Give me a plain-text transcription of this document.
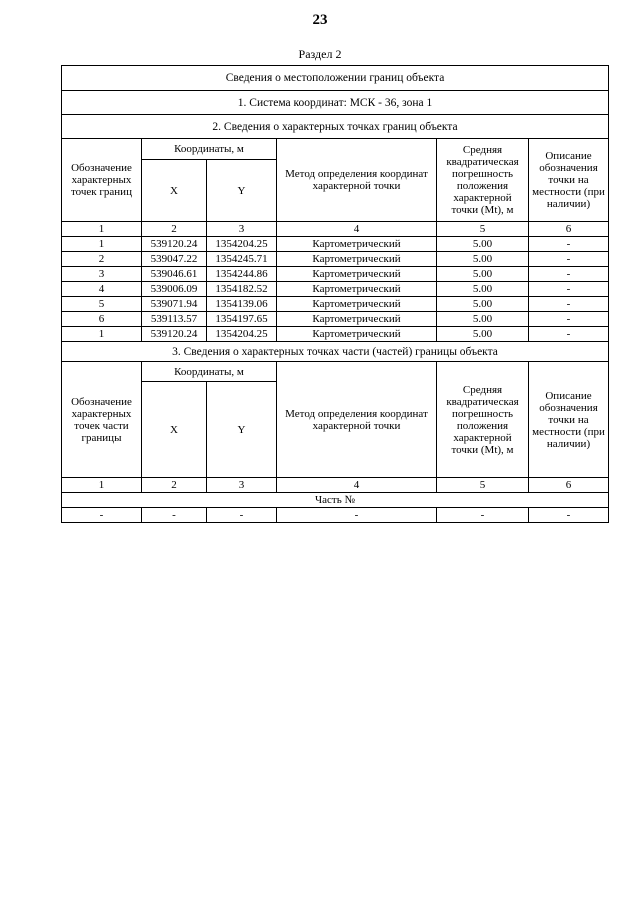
23
Раздел 2
Сведения о местоположении границ объекта					
1. Система координат: МСК - 36, зона 1					
2. Сведения о характерных точках границ объекта					
Обозначение характерных точек границ	Координаты, м		Метод определения координат характерной точки	Средняя квадратическая погрешность положения характерной точки (Mt), м	Описание обозначения точки на местности (при наличии)
	X	Y			
1	2	3	4	5	6
1	539120.24	1354204.25	Картометрический	5.00	-
2	539047.22	1354245.71	Картометрический	5.00	-
3	539046.61	1354244.86	Картометрический	5.00	-
4	539006.09	1354182.52	Картометрический	5.00	-
5	539071.94	1354139.06	Картометрический	5.00	-
6	539113.57	1354197.65	Картометрический	5.00	-
1	539120.24	1354204.25	Картометрический	5.00	-
3. Сведения о характерных точках части (частей) границы объекта					
Обозначение характерных точек части границы	Координаты, м		Метод определения координат характерной точки	Средняя квадратическая погрешность положения характерной точки (Mt), м	Описание обозначения точки на местности (при наличии)
	X	Y			
1	2	3	4	5	6
Часть №					
-	-	-	-	-	-
